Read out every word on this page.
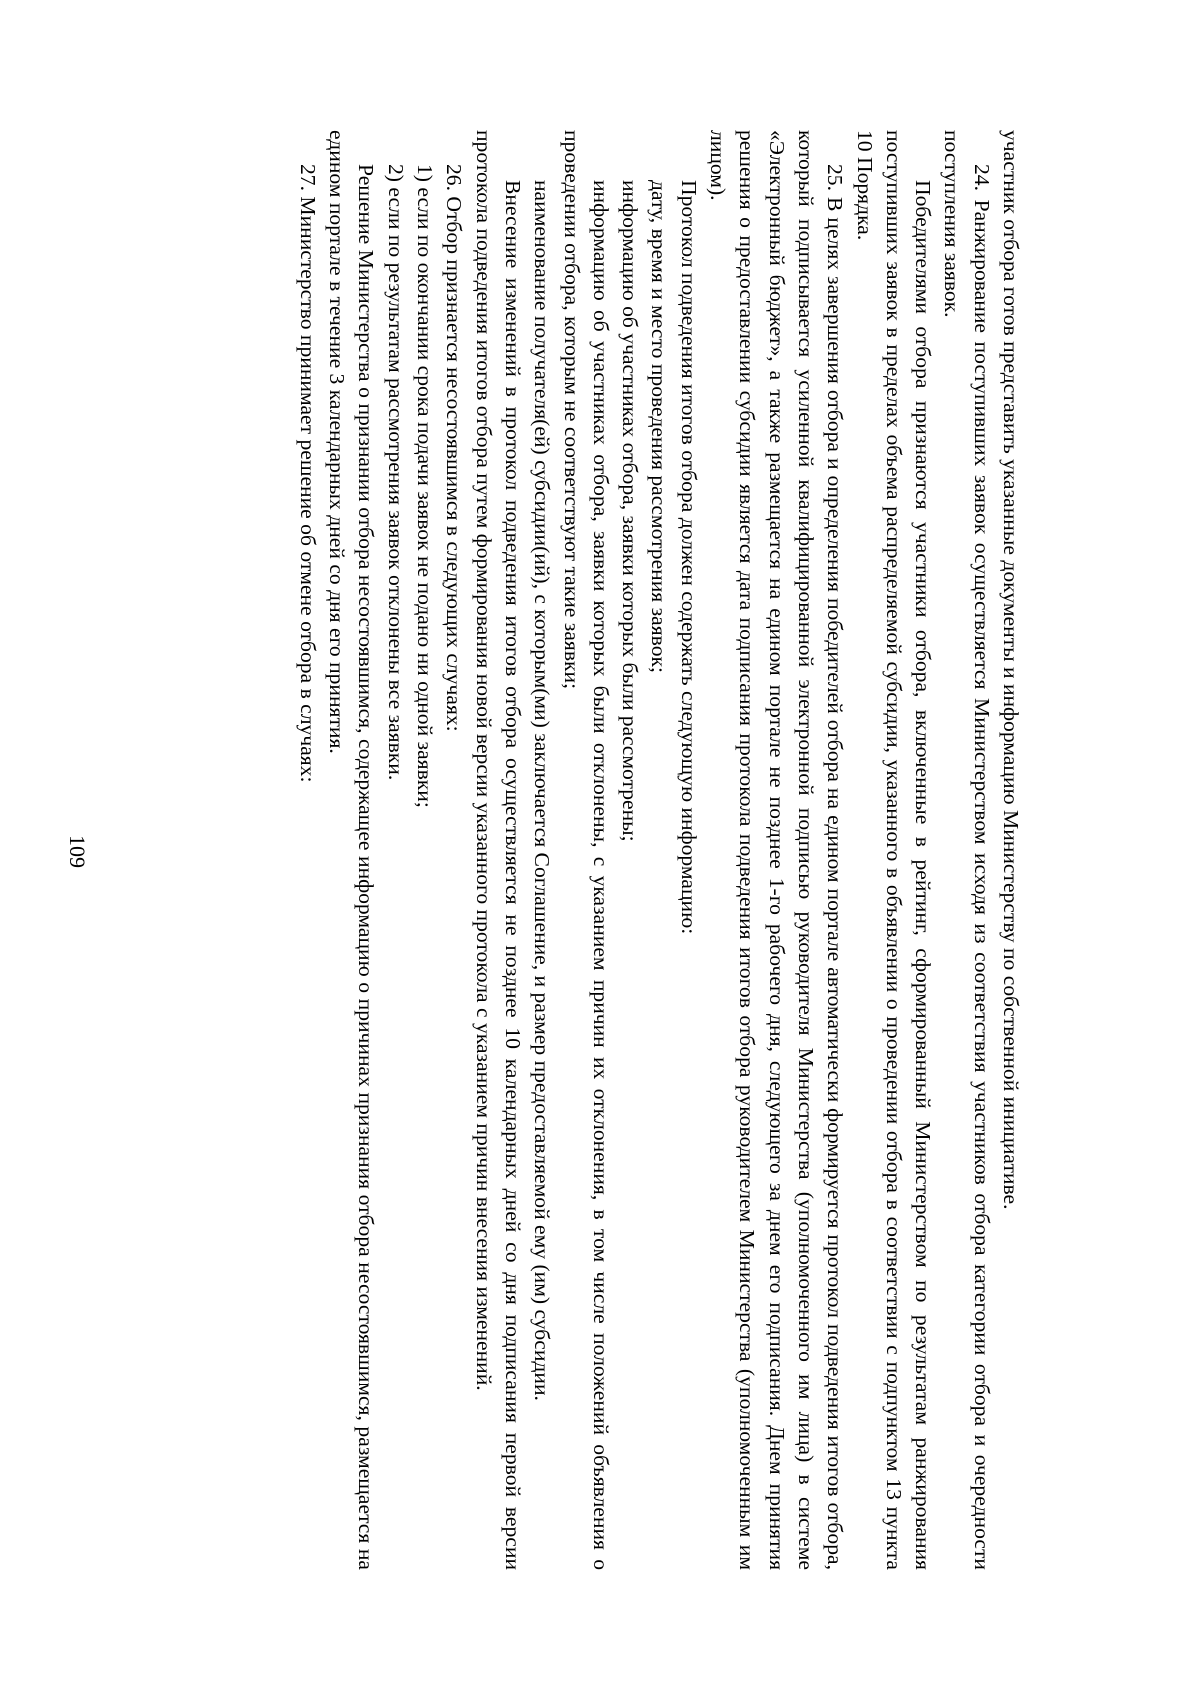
109	участник отбора готов представить указанные документы и информацию Министерству по собственной инициативе.

24. Ранжирование поступивших заявок осуществляется Министерством исходя из соответствия участников отбора категории отбора и очередности поступления заявок.

Победителями отбора признаются участники отбора, включенные в рейтинг, сформированный Министерством по результатам ранжирования поступивших заявок в пределах объема распределяемой субсидии, указанного в объявлении о проведении отбора в соответствии с подпунктом 13 пункта 10 Порядка.

25. В целях завершения отбора и определения победителей отбора на едином портале автоматически формируется протокол подведения итогов отбора, который подписывается усиленной квалифицированной электронной подписью руководителя Министерства (уполномоченного им лица) в системе «Электронный бюджет», а также размещается на едином портале не позднее 1-го рабочего дня, следующего за днем его подписания. Днем принятия решения о предоставлении субсидии является дата подписания протокола подведения итогов отбора руководителем Министерства (уполномоченным им лицом).

Протокол подведения итогов отбора должен содержать следующую информацию:

дату, время и место проведения рассмотрения заявок;

информацию об участниках отбора, заявки которых были рассмотрены;

информацию об участниках отбора, заявки которых были отклонены, с указанием причин их отклонения, в том числе положений объявления о проведении отбора, которым не соответствуют такие заявки;

наименование получателя(ей) субсидии(ий), с которым(ми) заключается Соглашение, и размер предоставляемой ему (им) субсидии.

Внесение изменений в протокол подведения итогов отбора осуществляется не позднее 10 календарных дней со дня подписания первой версии протокола подведения итогов отбора путем формирования новой версии указанного протокола с указанием причин внесения изменений.

26. Отбор признается несостоявшимся в следующих случаях:

1) если по окончании срока подачи заявок не подано ни одной заявки;

2) если по результатам рассмотрения заявок отклонены все заявки.

Решение Министерства о признании отбора несостоявшимся, содержащее информацию о причинах признания отбора несостоявшимся, размещается на едином портале в течение 3 календарных дней со дня его принятия.

27. Министерство принимает решение об отмене отбора в случаях:
